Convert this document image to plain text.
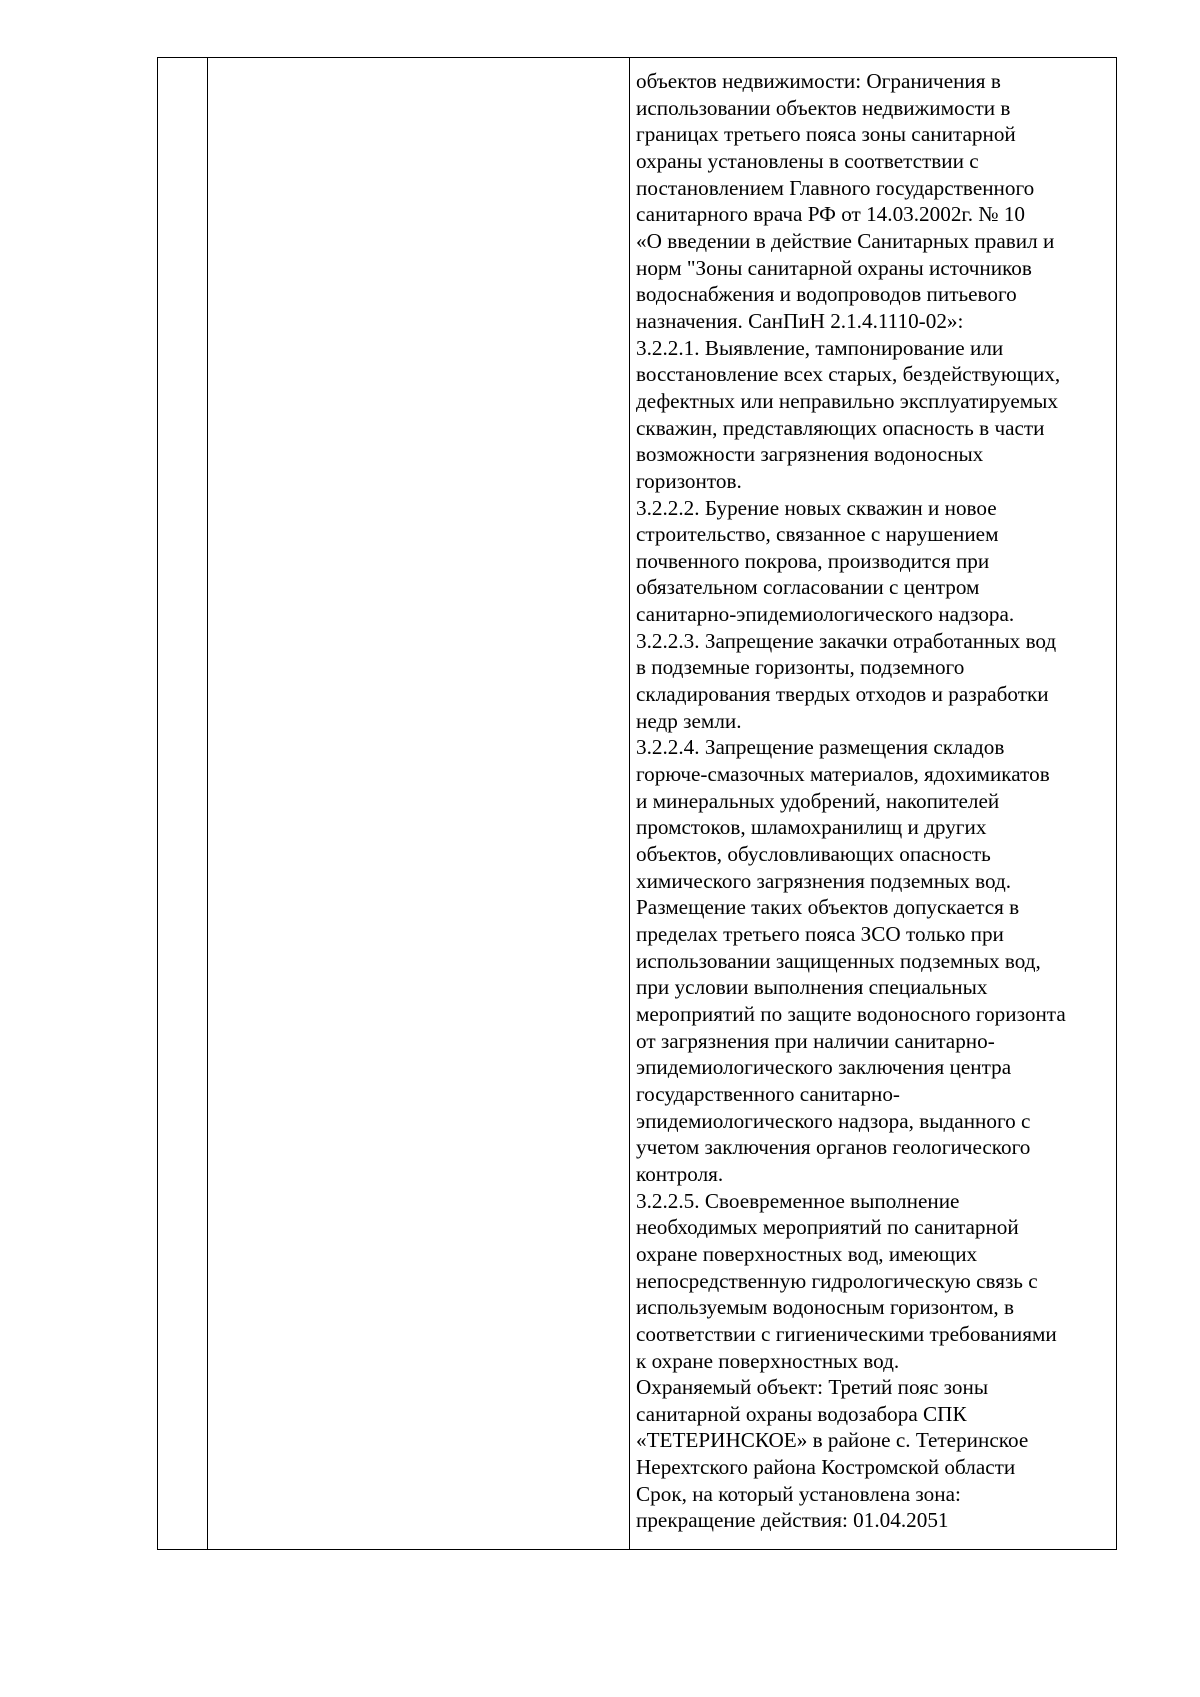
объектов недвижимости: Ограничения в
использовании объектов недвижимости в
границах третьего пояса зоны санитарной
охраны установлены в соответствии с
постановлением Главного государственного
санитарного врача РФ от 14.03.2002г. № 10
«О введении в действие Санитарных правил и
норм "Зоны санитарной охраны источников
водоснабжения и водопроводов питьевого
назначения. СанПиН 2.1.4.1110-02»:
3.2.2.1. Выявление, тампонирование или
восстановление всех старых, бездействующих,
дефектных или неправильно эксплуатируемых
скважин, представляющих опасность в части
возможности загрязнения водоносных
горизонтов.
3.2.2.2. Бурение новых скважин и новое
строительство, связанное с нарушением
почвенного покрова, производится при
обязательном согласовании с центром
санитарно-эпидемиологического надзора.
3.2.2.3. Запрещение закачки отработанных вод
в подземные горизонты, подземного
складирования твердых отходов и разработки
недр земли.
3.2.2.4. Запрещение размещения складов
горюче-смазочных материалов, ядохимикатов
и минеральных удобрений, накопителей
промстоков, шламохранилищ и других
объектов, обусловливающих опасность
химического загрязнения подземных вод.
Размещение таких объектов допускается в
пределах третьего пояса ЗСО только при
использовании защищенных подземных вод,
при условии выполнения специальных
мероприятий по защите водоносного горизонта
от загрязнения при наличии санитарно-
эпидемиологического заключения центра
государственного санитарно-
эпидемиологического надзора, выданного с
учетом заключения органов геологического
контроля.
3.2.2.5. Своевременное выполнение
необходимых мероприятий по санитарной
охране поверхностных вод, имеющих
непосредственную гидрологическую связь с
используемым водоносным горизонтом, в
соответствии с гигиеническими требованиями
к охране поверхностных вод.
Охраняемый объект: Третий пояс зоны
санитарной охраны водозабора СПК
«ТЕТЕРИНСКОЕ» в районе с. Тетеринское
Нерехтского района Костромской области
Срок, на который установлена зона:
прекращение действия: 01.04.2051
